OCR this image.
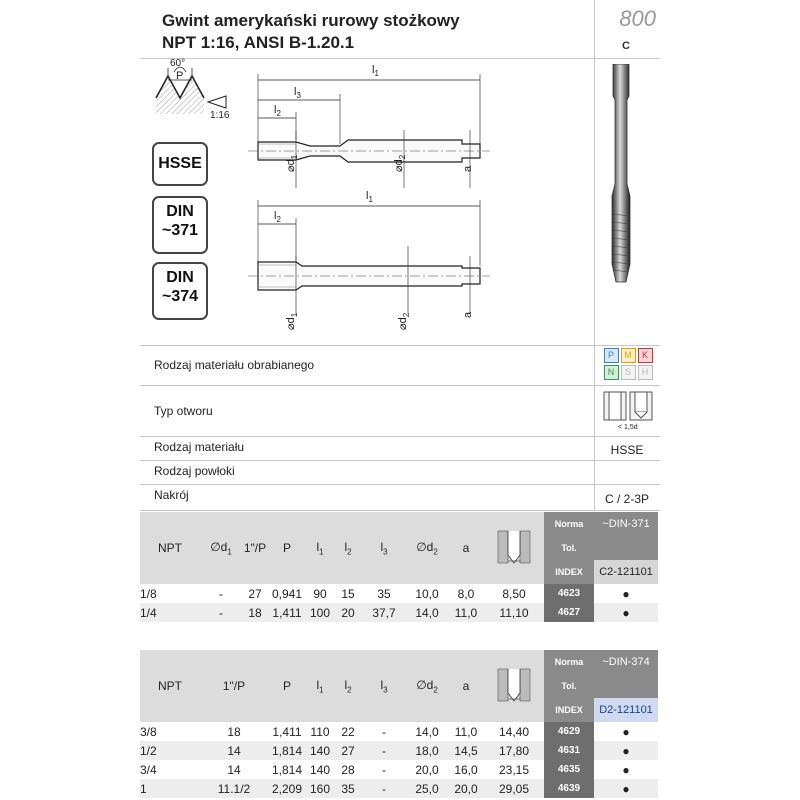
Gwint amerykański rurowy stożkowy
NPT 1:16, ANSI B-1.20.1
800
C
60°
P
1:16
$l_1$
$l_3$
$l_2$
$⌀d_1$
$⌀d_2$
a
$l_1$
$l_2$
$⌀d_1$
$⌀d_2$	a
HSSE
DIN
~371
DIN
~374
Rodzaj materiału obrabianego
P	M	K
N	S	H
Typ otworu
< 1,5d
Rodzaj materiału	HSSE
Rodzaj powłoki
Nakrój	C / 2-3P
NPT	$\emptyset d_1$	1"/P	P	$l_1$	$l_2$	$l_3$	$\emptyset d_2$	a		Norma	~DIN-371
										Tol.	
										INDEX	C2-121101
1/8	-	27	0,941	90	15	35	10,0	8,0	8,50	4623	●
1/4	-	18	1,411	100	20	37,7	14,0	11,0	11,10	4627	●
NPT	1"/P	P	$l_1$	$l_2$	$l_3$	$\emptyset d_2$	a		Norma	~DIN-374
									Tol.	
									INDEX	D2-121101
3/8	18	1,411	110	22	-	14,0	11,0	14,40	4629	●
1/2	14	1,814	140	27	-	18,0	14,5	17,80	4631	●
3/4	14	1,814	140	28	-	20,0	16,0	23,15	4635	●
1	11.1/2	2,209	160	35	-	25,0	20,0	29,05	4639	●
